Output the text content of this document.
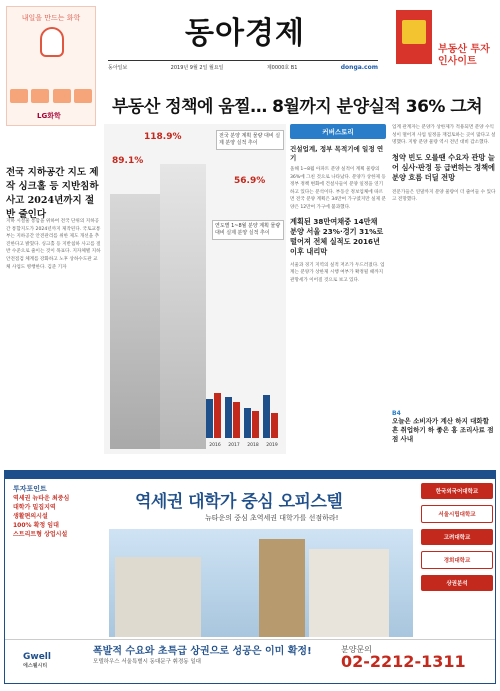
내일을 만드는 화학
LG화학
동아경제
동아일보	2019년 9월 2일 월요일	제0000호 B1	donga.com
부동산 투자 인사이트
부동산 정책에 움찔… 8월까지 분양실적 36% 그쳐
전국 지하공간 지도 제작 싱크홀 등 지반침하 사고 2024년까지 절반 줄인다
지하 시설물 통합을 위하여 전국 단위의 지하공간 통합지도가 2024년까지 제작된다. 국토교통부는 지하공간 안전관리를 위한 제도 개선을 추진한다고 밝혔다. 싱크홀 등 지반침하 사고를 절반 수준으로 줄이는 것이 목표다. 지자체별 지하 안전점검 체계를 강화하고 노후 상하수도관 교체 사업도 병행한다. 김준 기자
118.9%
89.1%
56.9%
전국 분양 계획 물량 대비 실제 분양 실적 추이
연도별 1~8월 분양 계획 물량 대비 실제 분양 실적 추이
2016	2017	2018	2019
커버스토리
건설업계, 정부 목적기에 일정 연기
올해 1~8월 아파트 분양 실적이 계획 물량의 36%에 그친 것으로 나타났다. 분양가 상한제 등 정부 정책 변화에 건설사들이 분양 일정을 연기하고 있다는 분석이다. 부동산 정보업체에 따르면 전국 분양 계획은 34만여 가구였지만 실제 분양은 12만여 가구에 불과했다.
계획된 38만여채중 14만채 분양 서울 23%·경기 31%로 떨어져 전체 실적도 2016년 이후 내리막
서울과 경기 지역의 실적 저조가 두드러졌다. 업계는 분양가 상한제 시행 여부가 확정될 때까지 관망세가 이어질 것으로 보고 있다.
업계 관계자는 분양가 상한제가 적용되면 분양 수익성이 떨어져 사업 일정을 재검토하는 곳이 많다고 설명했다. 지방 분양 물량 역시 전년 대비 감소했다.
청약 빈도 오를땐 수요자 관망 늘어 심사·판정 등 급변하는 정책에 분양 흐름 더딜 전망
전문가들은 연말까지 분양 물량이 더 줄어들 수 있다고 전망했다.
B4
오늘은 소비자가 계산 하지 대화할 흔 취업하기 하 좋은 홍 조리사료 점점 사내
투자포인트
역세권 뉴타운 최중심
대학가 밀집지역
생활편의시설
100% 확정 임대
스트리트형 상업시설
역세권 대학가 중심 오피스텔
뉴타운의 중심 초역세권 대학가를 선점하라!
한국외국어대학교
서울시립대학교
고려대학교
경희대학교
상권분석
Gwell
에스웰시티
폭발적 수요와 초특급 상권으로 성공은 이미 확정!
모델하우스 서울특별시 동대문구 휘경동 일대
분양문의
02-2212-1311
